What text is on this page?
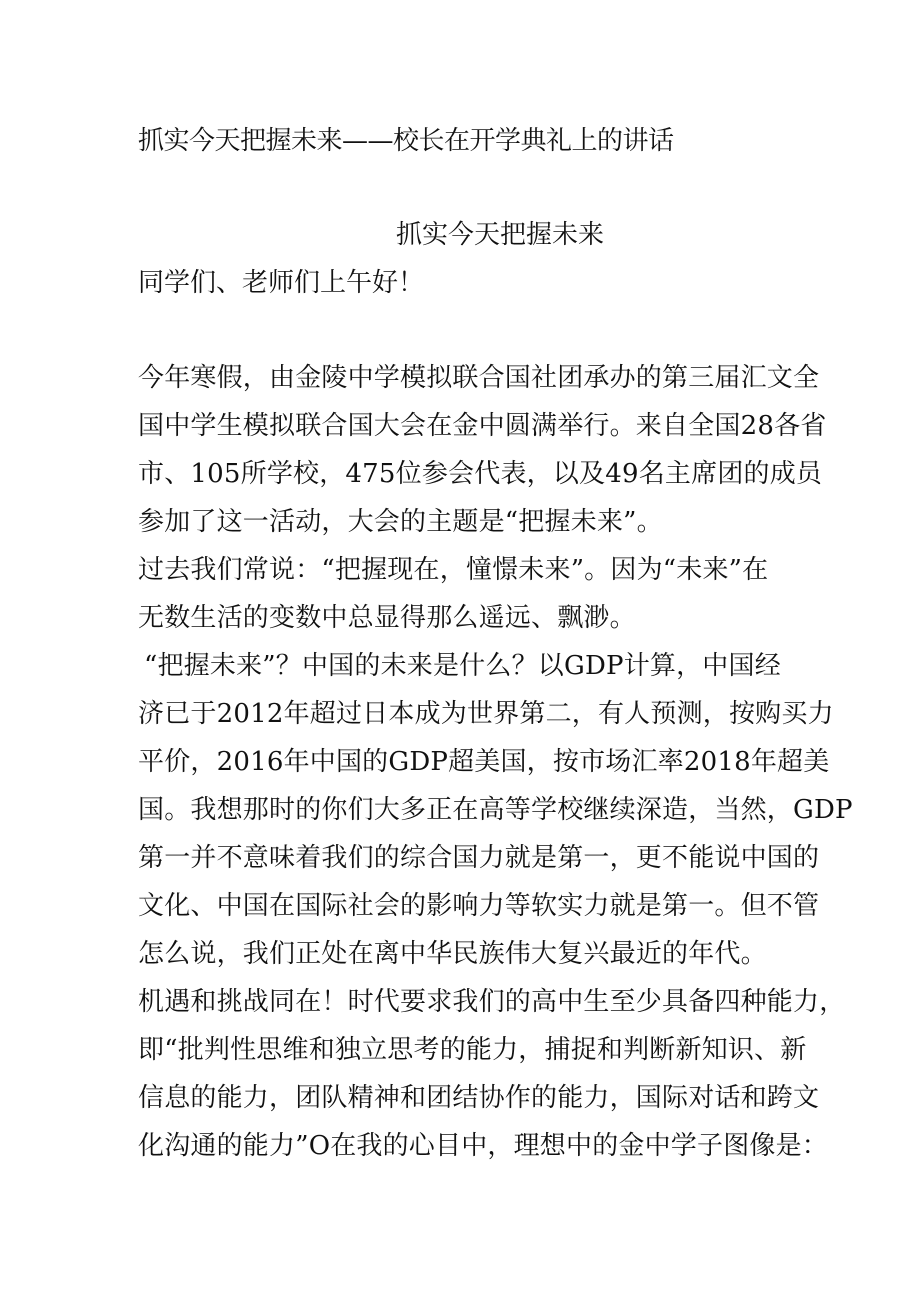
抓实今天把握未来——校长在开学典礼上的讲话
抓实今天把握未来
同学们、老师们上午好！
今年寒假，由金陵中学模拟联合国社团承办的第三届汇文全
国中学生模拟联合国大会在金中圆满举行。来自全国28各省
市、105所学校，475位参会代表，以及49名主席团的成员
参加了这一活动，大会的主题是“把握未来”。
过去我们常说：“把握现在，憧憬未来”。因为“未来”在
无数生活的变数中总显得那么遥远、飘渺。
“把握未来”？中国的未来是什么？以GDP计算，中国经
济已于2012年超过日本成为世界第二，有人预测，按购买力
平价，2016年中国的GDP超美国，按市场汇率2018年超美
国。我想那时的你们大多正在高等学校继续深造，当然，GDP
第一并不意味着我们的综合国力就是第一，更不能说中国的
文化、中国在国际社会的影响力等软实力就是第一。但不管
怎么说，我们正处在离中华民族伟大复兴最近的年代。
机遇和挑战同在！时代要求我们的高中生至少具备四种能力，
即“批判性思维和独立思考的能力，捕捉和判断新知识、新
信息的能力，团队精神和团结协作的能力，国际对话和跨文
化沟通的能力”O在我的心目中，理想中的金中学子图像是：
